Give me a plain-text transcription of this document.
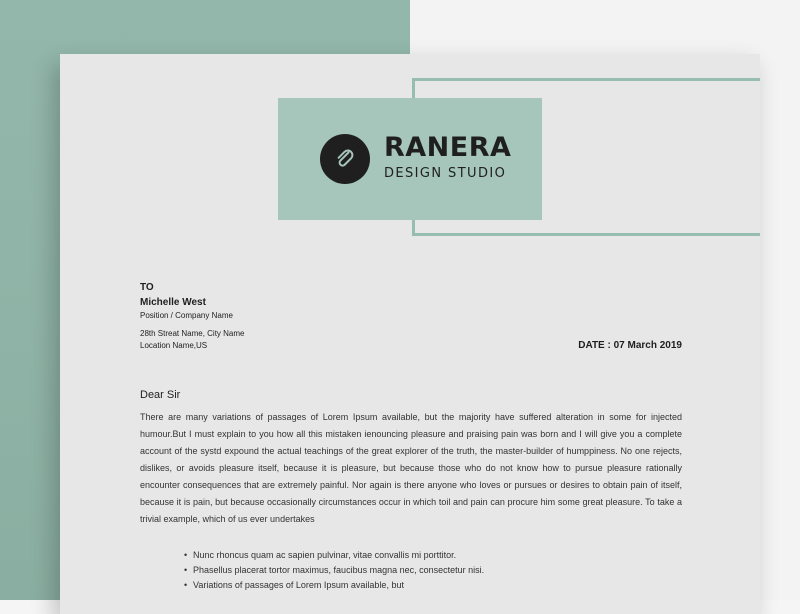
RANERA
DESIGN STUDIO
TO
Michelle West
Position / Company Name
28th Streat Name, City Name
Location Name,US	DATE : 07 March 2019
Dear Sir
There are many variations of passages of Lorem Ipsum available, but the majority have suffered alteration in some for injected humour.But I must explain to you how all this mistaken ienouncing pleasure and praising pain was born and I will give you a complete account of the systd expound the actual teachings of the great explorer of the truth, the master-builder of humppiness. No one rejects, dislikes, or avoids pleasure itself, because it is pleasure, but because those who do not know how to pursue pleasure rationally encounter consequences that are extremely painful. Nor again is there anyone who loves or pursues or desires to obtain pain of itself, because it is pain, but because occasionally circumstances occur in which toil and pain can procure him some great pleasure. To take a trivial example, which of us ever undertakes
• Nunc rhoncus quam ac sapien pulvinar, vitae convallis mi porttitor.
• Phasellus placerat tortor maximus, faucibus magna nec, consectetur nisi.
• Variations of passages of Lorem Ipsum available, but
